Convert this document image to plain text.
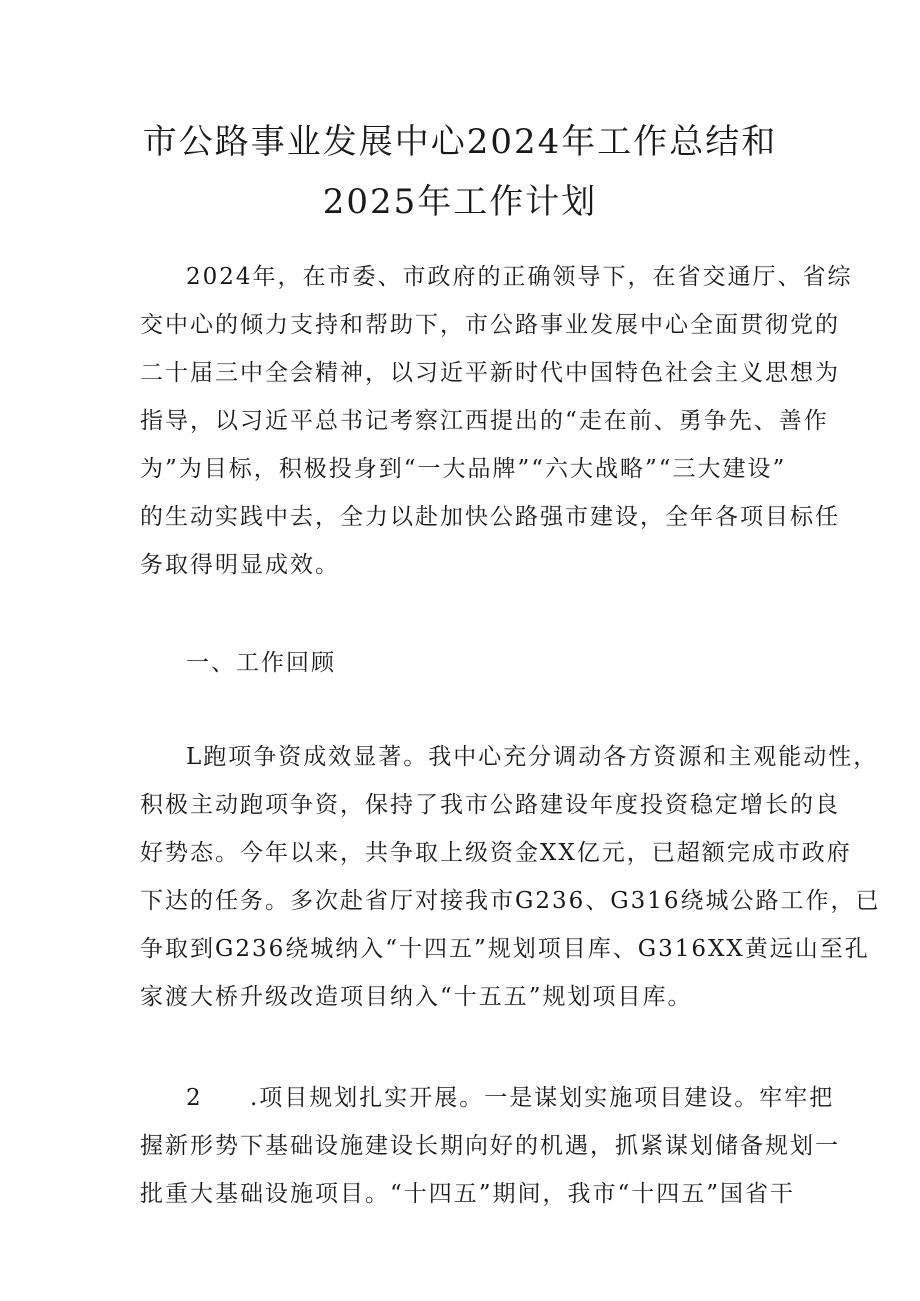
市公路事业发展中心2024年工作总结和
2025年工作计划
2024年，在市委、市政府的正确领导下，在省交通厅、省综
交中心的倾力支持和帮助下，市公路事业发展中心全面贯彻党的
二十届三中全会精神，以习近平新时代中国特色社会主义思想为
指导，以习近平总书记考察江西提出的“走在前、勇争先、善作
为”为目标，积极投身到“一大品牌”“六大战略”“三大建设”
的生动实践中去，全力以赴加快公路强市建设，全年各项目标任
务取得明显成效。
一、工作回顾
L跑项争资成效显著。我中心充分调动各方资源和主观能动性，
积极主动跑项争资，保持了我市公路建设年度投资稳定增长的良
好势态。今年以来，共争取上级资金XX亿元，已超额完成市政府
下达的任务。多次赴省厅对接我市G236、G316绕城公路工作，已
争取到G236绕城纳入“十四五”规划项目库、G316XX黄远山至孔
家渡大桥升级改造项目纳入“十五五”规划项目库。
2 .项目规划扎实开展。一是谋划实施项目建设。牢牢把
握新形势下基础设施建设长期向好的机遇，抓紧谋划储备规划一
批重大基础设施项目。“十四五”期间，我市“十四五”国省干
